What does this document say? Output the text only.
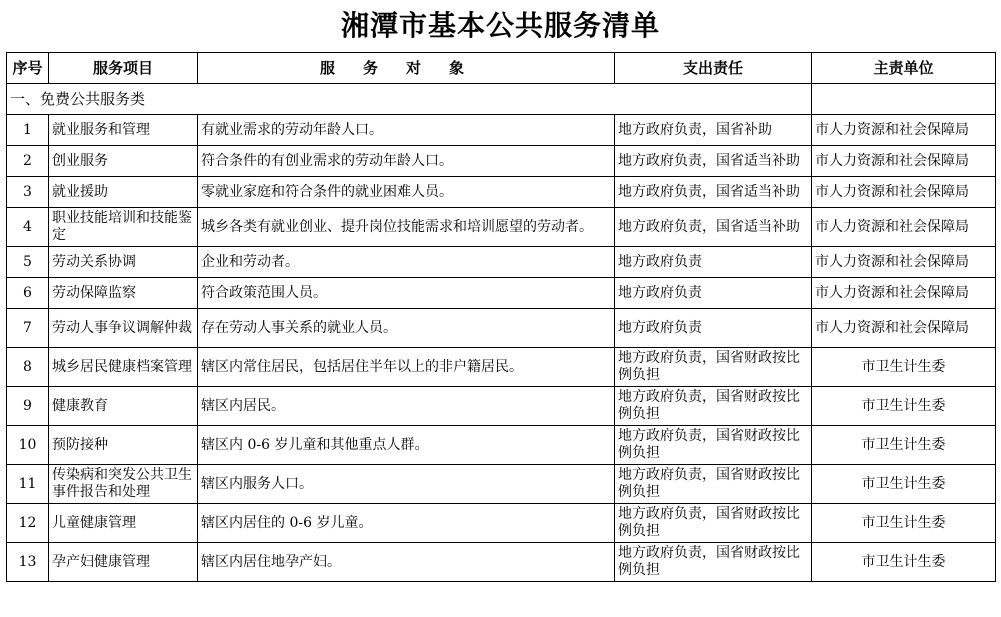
湘潭市基本公共服务清单
序号	服务项目	服务对象	支出责任	主责单位
一、免费公共服务类				
1	就业服务和管理	有就业需求的劳动年龄人口。	地方政府负责，国省补助	市人力资源和社会保障局
2	创业服务	符合条件的有创业需求的劳动年龄人口。	地方政府负责，国省适当补助	市人力资源和社会保障局
3	就业援助	零就业家庭和符合条件的就业困难人员。	地方政府负责，国省适当补助	市人力资源和社会保障局
4	职业技能培训和技能鉴定	城乡各类有就业创业、提升岗位技能需求和培训愿望的劳动者。	地方政府负责，国省适当补助	市人力资源和社会保障局
5	劳动关系协调	企业和劳动者。	地方政府负责	市人力资源和社会保障局
6	劳动保障监察	符合政策范围人员。	地方政府负责	市人力资源和社会保障局
7	劳动人事争议调解仲裁	存在劳动人事关系的就业人员。	地方政府负责	市人力资源和社会保障局
8	城乡居民健康档案管理	辖区内常住居民，包括居住半年以上的非户籍居民。	地方政府负责，国省财政按比例负担	市卫生计生委
9	健康教育	辖区内居民。	地方政府负责，国省财政按比例负担	市卫生计生委
10	预防接种	辖区内 0-6 岁儿童和其他重点人群。	地方政府负责，国省财政按比例负担	市卫生计生委
11	传染病和突发公共卫生事件报告和处理	辖区内服务人口。	地方政府负责，国省财政按比例负担	市卫生计生委
12	儿童健康管理	辖区内居住的 0-6 岁儿童。	地方政府负责，国省财政按比例负担	市卫生计生委
13	孕产妇健康管理	辖区内居住地孕产妇。	地方政府负责，国省财政按比例负担	市卫生计生委
